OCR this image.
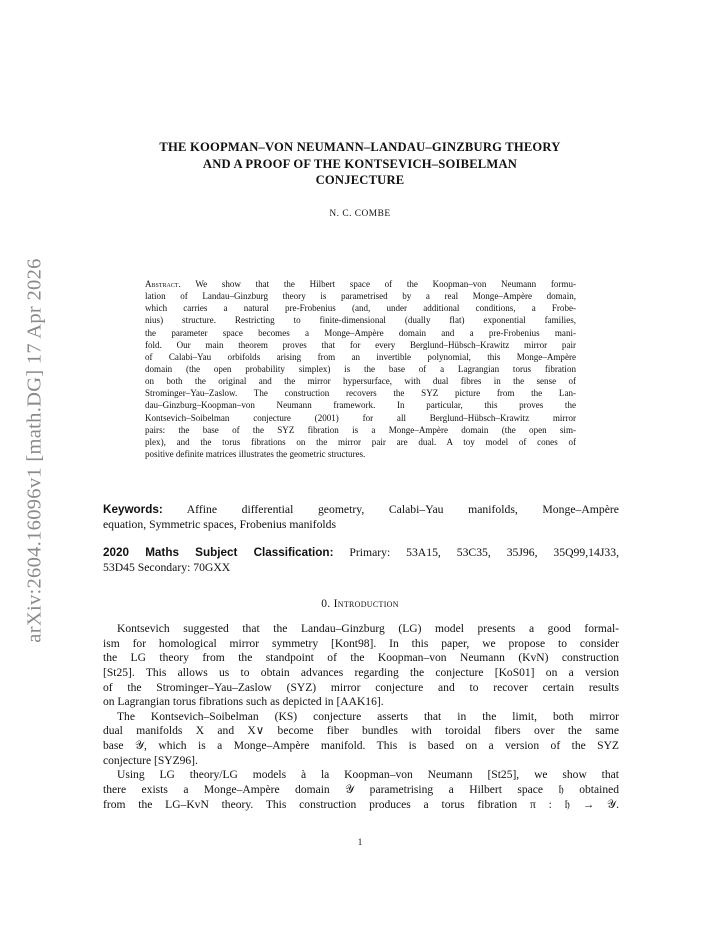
arXiv:2604.16096v1 [math.DG] 17 Apr 2026
THE KOOPMAN–VON NEUMANN–LANDAU–GINZBURG THEORY
AND A PROOF OF THE KONTSEVICH–SOIBELMAN
CONJECTURE
N. C. COMBE
Abstract. We show that the Hilbert space of the Koopman–von Neumann formu-
lation of Landau–Ginzburg theory is parametrised by a real Monge–Ampère domain,
which carries a natural pre-Frobenius (and, under additional conditions, a Frobe-
nius) structure. Restricting to finite-dimensional (dually flat) exponential families,
the parameter space becomes a Monge–Ampère domain and a pre-Frobenius mani-
fold. Our main theorem proves that for every Berglund–Hübsch–Krawitz mirror pair
of Calabi–Yau orbifolds arising from an invertible polynomial, this Monge–Ampère
domain (the open probability simplex) is the base of a Lagrangian torus fibration
on both the original and the mirror hypersurface, with dual fibres in the sense of
Strominger–Yau–Zaslow. The construction recovers the SYZ picture from the Lan-
dau–Ginzburg–Koopman–von Neumann framework. In particular, this proves the
Kontsevich–Soibelman conjecture (2001) for all Berglund–Hübsch–Krawitz mirror
pairs: the base of the SYZ fibration is a Monge–Ampère domain (the open sim-
plex), and the torus fibrations on the mirror pair are dual. A toy model of cones of
positive definite matrices illustrates the geometric structures.
Keywords: Affine differential geometry, Calabi–Yau manifolds, Monge–Ampère
equation, Symmetric spaces, Frobenius manifolds
2020 Maths Subject Classification: Primary: 53A15, 53C35, 35J96, 35Q99,14J33,
53D45 Secondary: 70GXX
0. Introduction
Kontsevich suggested that the Landau–Ginzburg (LG) model presents a good formal-
ism for homological mirror symmetry [Kont98]. In this paper, we propose to consider
the LG theory from the standpoint of the Koopman–von Neumann (KvN) construction
[St25]. This allows us to obtain advances regarding the conjecture [KoS01] on a version
of the Strominger–Yau–Zaslow (SYZ) mirror conjecture and to recover certain results
on Lagrangian torus fibrations such as depicted in [AAK16].
The Kontsevich–Soibelman (KS) conjecture asserts that in the limit, both mirror
dual manifolds X and X∨ become fiber bundles with toroidal fibers over the same
base 𝒴, which is a Monge–Ampère manifold. This is based on a version of the SYZ
conjecture [SYZ96].
Using LG theory/LG models à la Koopman–von Neumann [St25], we show that
there exists a Monge–Ampère domain 𝒴 parametrising a Hilbert space 𝔥 obtained
from the LG–KvN theory. This construction produces a torus fibration π : 𝔥 → 𝒴.
1
